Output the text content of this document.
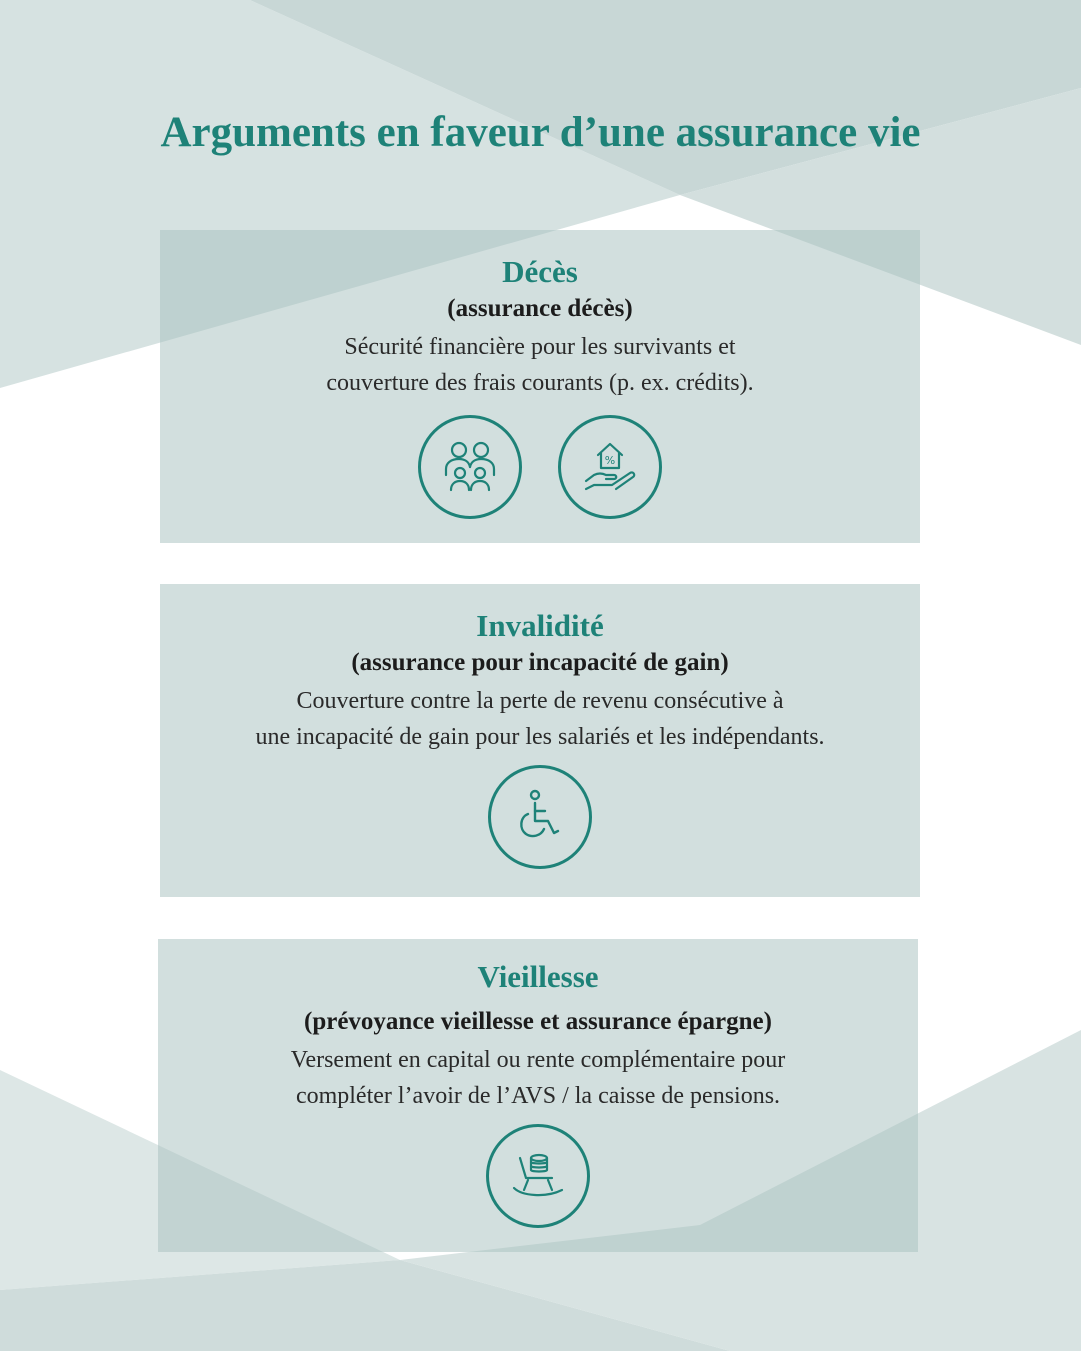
Arguments en faveur d’une assurance vie
Décès
(assurance décès)
Sécurité financière pour les survivants et
couverture des frais courants (p. ex. crédits).
%
Invalidité
(assurance pour incapacité de gain)
Couverture contre la perte de revenu consécutive à
une incapacité de gain pour les salariés et les indépendants.
Vieillesse
(prévoyance vieillesse et assurance épargne)
Versement en capital ou rente complémentaire pour
compléter l’avoir de l’AVS / la caisse de pensions.
